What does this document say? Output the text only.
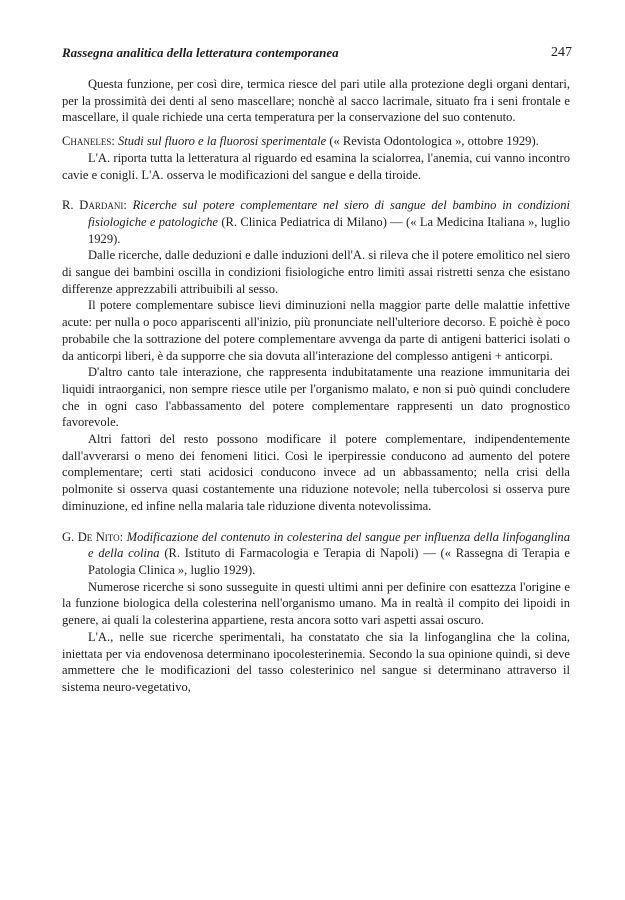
Rassegna analitica della letteratura contemporanea	247

Questa funzione, per così dire, termica riesce del pari utile alla protezione degli organi dentari, per la prossimità dei denti al seno mascellare; nonchè al sacco lacrimale, situato fra i seni frontale e mascellare, il quale richiede una certa temperatura per la conservazione del suo contenuto.

Chaneles: Studi sul fluoro e la fluorosi sperimentale (« Revista Odontologica », ottobre 1929).

L'A. riporta tutta la letteratura al riguardo ed esamina la scialorrea, l'anemia, cui vanno incontro cavie e conigli. L'A. osserva le modificazioni del sangue e della tiroide.

R. Dardani: Ricerche sul potere complementare nel siero di sangue del bambino in condizioni fisiologiche e patologiche (R. Clinica Pediatrica di Milano) — (« La Medicina Italiana », luglio 1929).

Dalle ricerche, dalle deduzioni e dalle induzioni dell'A. si rileva che il potere emolitico nel siero di sangue dei bambini oscilla in condizioni fisiologiche entro limiti assai ristretti senza che esistano differenze apprezzabili attribuibili al sesso.

Il potere complementare subisce lievi diminuzioni nella maggior parte delle malattie infettive acute: per nulla o poco appariscenti all'inizio, più pronunciate nell'ulteriore decorso. E poichè è poco probabile che la sottrazione del potere complementare avvenga da parte di antigeni batterici isolati o da anticorpi liberi, è da supporre che sia dovuta all'interazione del complesso antigeni + anticorpi.

D'altro canto tale interazione, che rappresenta indubitatamente una reazione immunitaria dei liquidi intraorganici, non sempre riesce utile per l'organismo malato, e non si può quindi concludere che in ogni caso l'abbassamento del potere complementare rappresenti un dato prognostico favorevole.

Altri fattori del resto possono modificare il potere complementare, indipendentemente dall'avverarsi o meno dei fenomeni litici. Così le iperpiressie conducono ad aumento del potere complementare; certi stati acidosici conducono invece ad un abbassamento; nella crisi della polmonite si osserva quasi costantemente una riduzione notevole; nella tubercolosi si osserva pure diminuzione, ed infine nella malaria tale riduzione diventa notevolissima.

G. De Nito: Modificazione del contenuto in colesterina del sangue per influenza della linfoganglina e della colina (R. Istituto di Farmacologia e Terapia di Napoli) — (« Rassegna di Terapia e Patologia Clinica », luglio 1929).

Numerose ricerche si sono susseguite in questi ultimi anni per definire con esattezza l'origine e la funzione biologica della colesterina nell'organismo umano. Ma in realtà il compito dei lipoidi in genere, ai quali la colesterina appartiene, resta ancora sotto vari aspetti assai oscuro.

L'A., nelle sue ricerche sperimentali, ha constatato che sia la linfoganglina che la colina, iniettata per via endovenosa determinano ipocolesterinemia. Secondo la sua opinione quindi, si deve ammettere che le modificazioni del tasso colesterinico nel sangue si determinano attraverso il sistema neuro-vegetativo,
